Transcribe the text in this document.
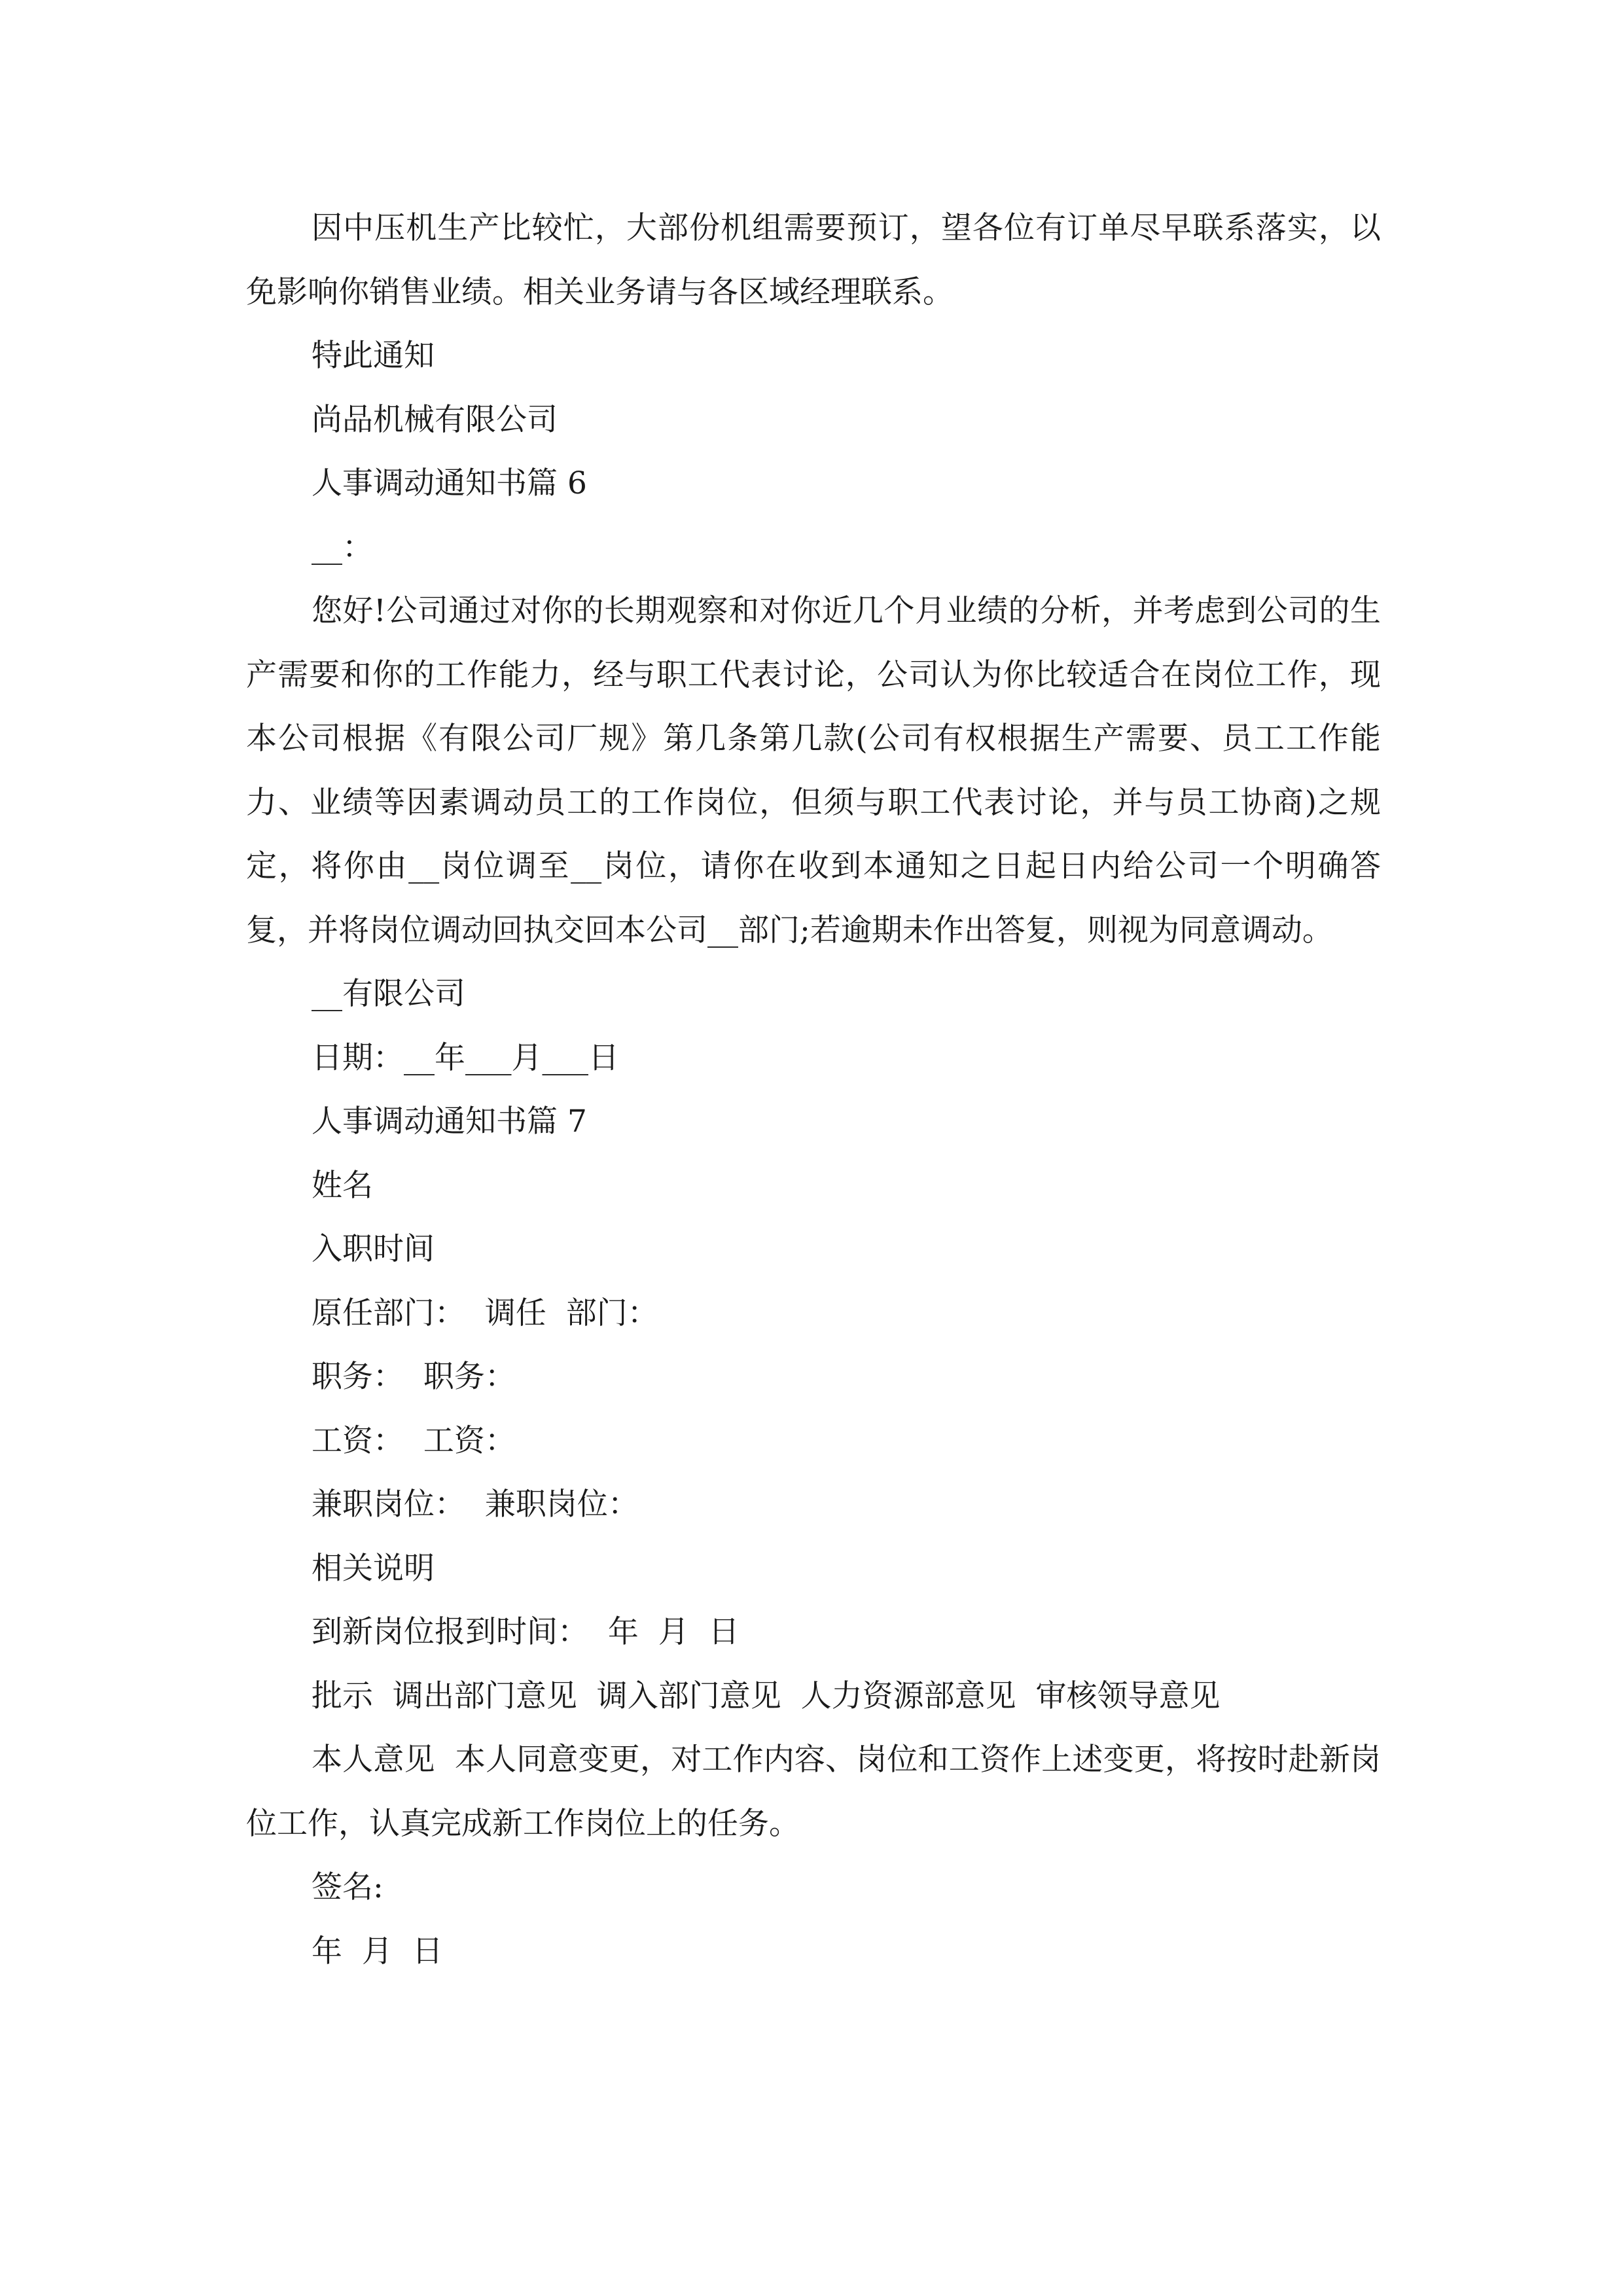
因中压机生产比较忙，大部份机组需要预订，望各位有订单尽早联系落实，以免影响你销售业绩。相关业务请与各区域经理联系。

特此通知

尚品机械有限公司

人事调动通知书篇 6

__：

您好!公司通过对你的长期观察和对你近几个月业绩的分析，并考虑到公司的生产需要和你的工作能力，经与职工代表讨论，公司认为你比较适合在岗位工作，现本公司根据《有限公司厂规》第几条第几款(公司有权根据生产需要、员工工作能力、业绩等因素调动员工的工作岗位，但须与职工代表讨论，并与员工协商)之规定，将你由__岗位调至__岗位，请你在收到本通知之日起日内给公司一个明确答复，并将岗位调动回执交回本公司__部门;若逾期未作出答复，则视为同意调动。

__有限公司

日期：__年___月___日

人事调动通知书篇 7

姓名

入职时间

原任部门：  调任  部门：

职务：  职务：

工资：  工资：

兼职岗位：  兼职岗位：

相关说明

到新岗位报到时间：  年  月  日

批示  调出部门意见  调入部门意见  人力资源部意见  审核领导意见

本人意见  本人同意变更，对工作内容、岗位和工资作上述变更，将按时赴新岗位工作，认真完成新工作岗位上的任务。

签名:

年  月  日
